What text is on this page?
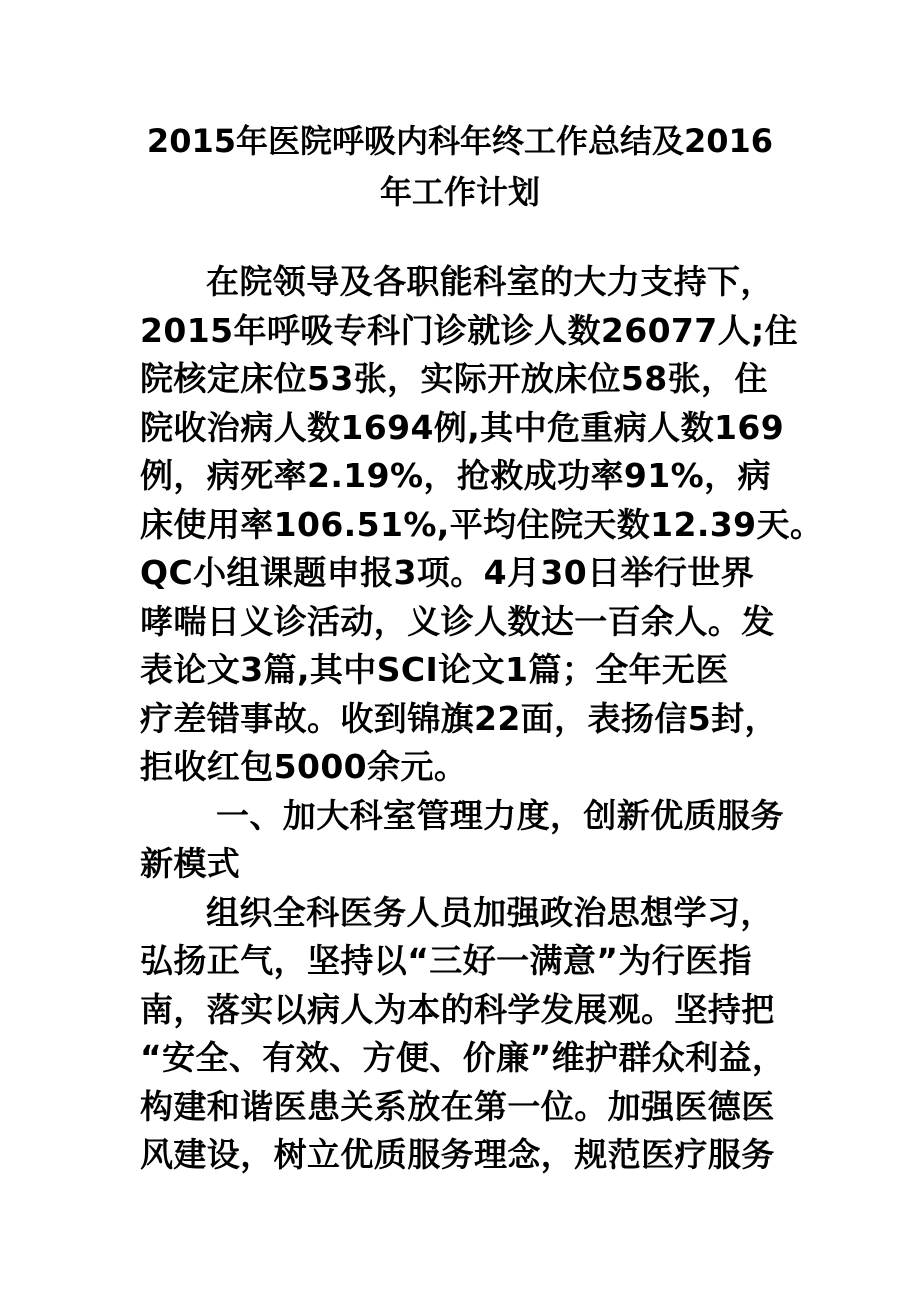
2015年医院呼吸内科年终工作总结及2016
年工作计划
在院领导及各职能科室的大力支持下，
2015年呼吸专科门诊就诊人数26077人;住
院核定床位53张，实际开放床位58张，住
院收治病人数1694例,其中危重病人数169
例，病死率2.19%，抢救成功率91%，病
床使用率106.51%,平均住院天数12.39天。
QC小组课题申报3项。4月30日举行世界
哮喘日义诊活动，义诊人数达一百余人。发
表论文3篇,其中SCI论文1篇；全年无医
疗差错事故。收到锦旗22面，表扬信5封，
拒收红包5000余元。
一、加大科室管理力度，创新优质服务
新模式
组织全科医务人员加强政治思想学习，
弘扬正气，坚持以“三好一满意”为行医指
南，落实以病人为本的科学发展观。坚持把
“安全、有效、方便、价廉”维护群众利益，
构建和谐医患关系放在第一位。加强医德医
风建设，树立优质服务理念，规范医疗服务
